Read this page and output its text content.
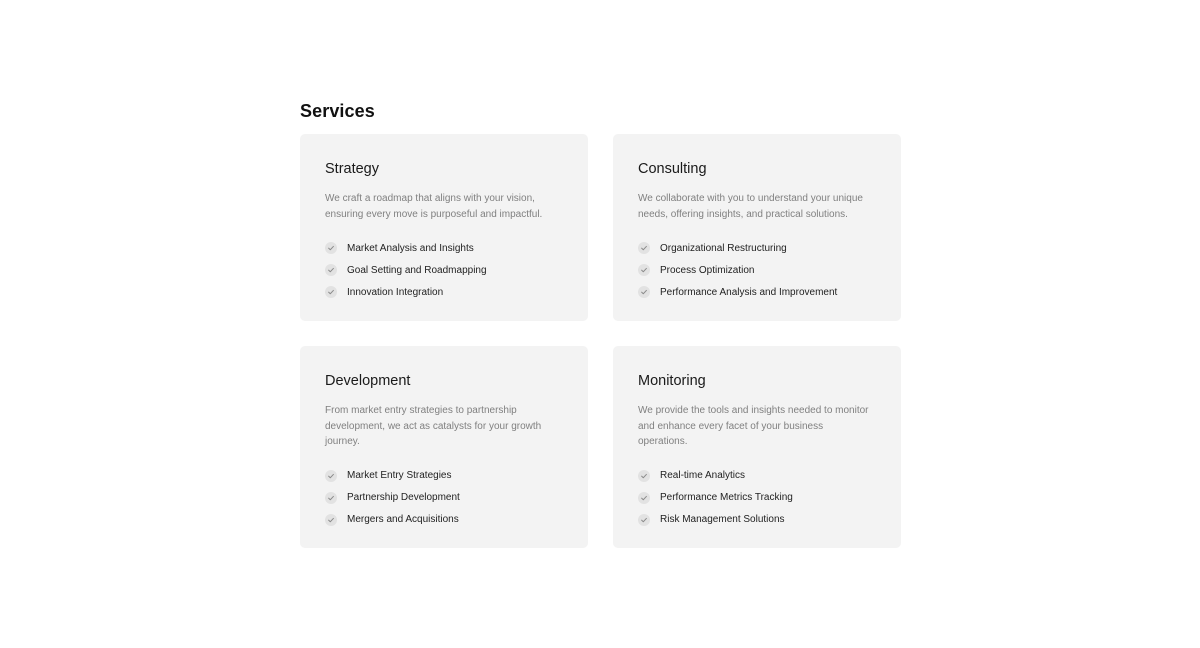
Services
Strategy

We craft a roadmap that aligns with your vision, ensuring every move is purposeful and impactful.

Market Analysis and Insights
Goal Setting and Roadmapping
Innovation Integration
Consulting

We collaborate with you to understand your unique needs, offering insights, and practical solutions.

Organizational Restructuring
Process Optimization
Performance Analysis and Improvement
Development

From market entry strategies to partnership development, we act as catalysts for your growth journey.

Market Entry Strategies
Partnership Development
Mergers and Acquisitions
Monitoring

We provide the tools and insights needed to monitor and enhance every facet of your business operations.

Real-time Analytics
Performance Metrics Tracking
Risk Management Solutions
